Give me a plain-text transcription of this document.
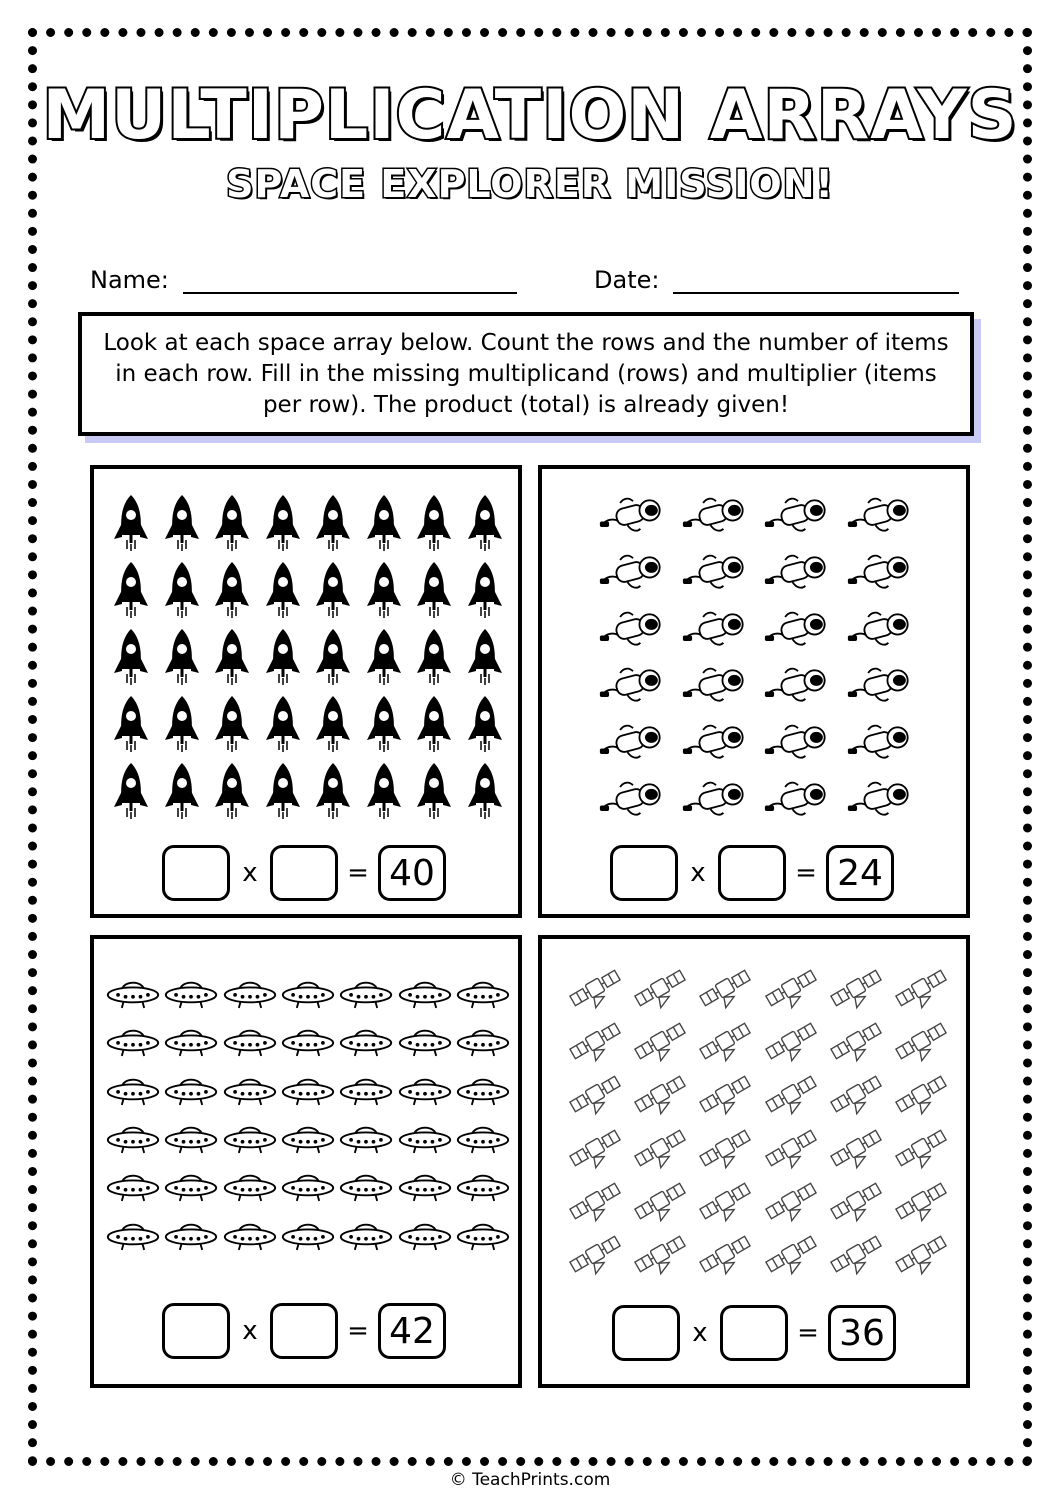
MULTIPLICATION ARRAYS
SPACE EXPLORER MISSION!
Name:	Date:
Look at each space array below. Count the rows and the number of items in each row. Fill in the missing multiplicand (rows) and multiplier (items per row). The product (total) is already given!
x	= 40	x	= 24
x	= 42	x	= 36
© TeachPrints.com
